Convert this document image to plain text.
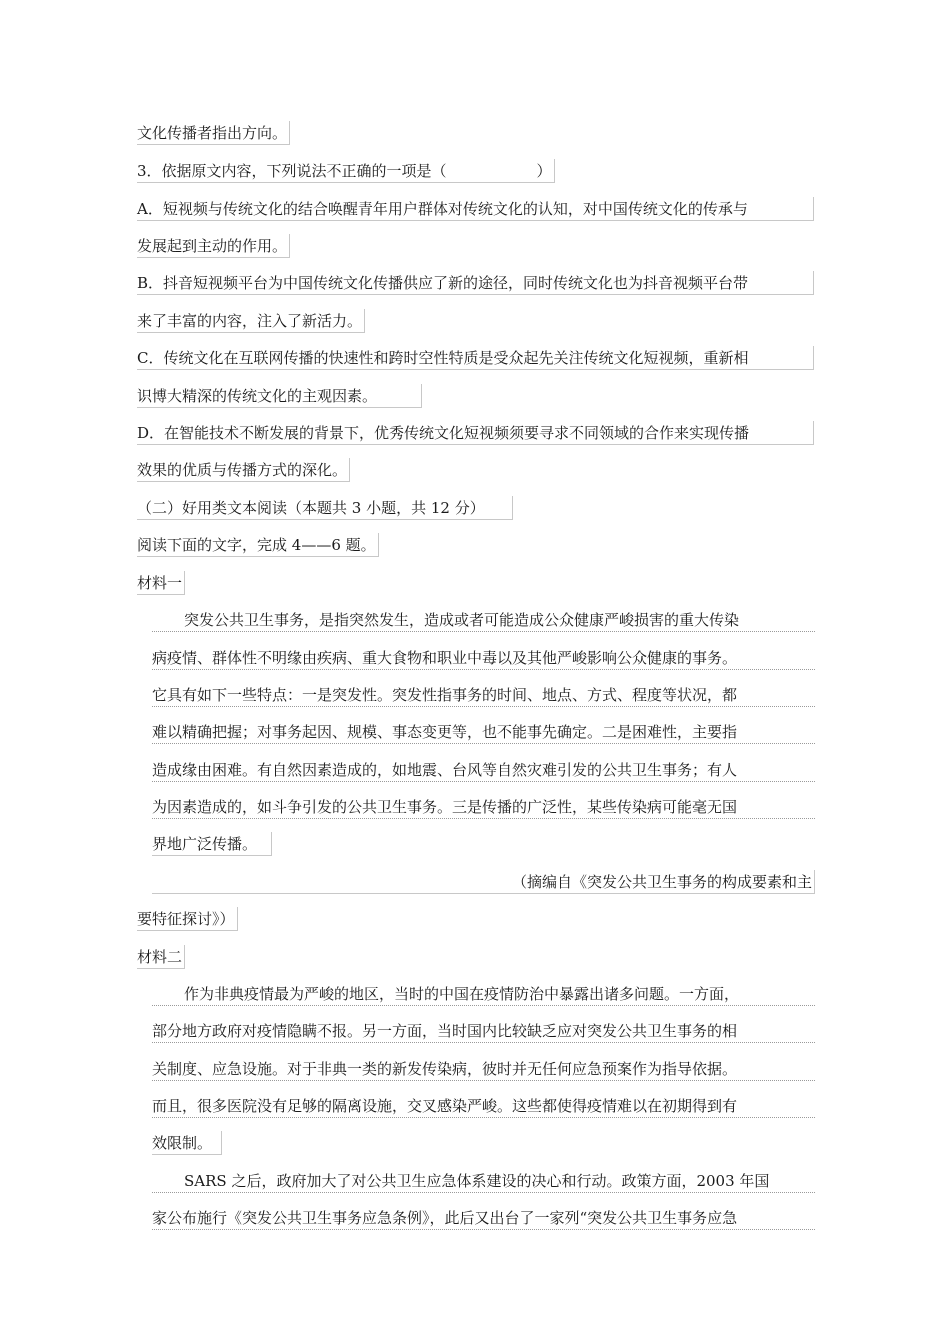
文化传播者指出方向。
3．依据原文内容，下列说法不正确的一项是（　　　　　　）
A．短视频与传统文化的结合唤醒青年用户群体对传统文化的认知，对中国传统文化的传承与
发展起到主动的作用。
B．抖音短视频平台为中国传统文化传播供应了新的途径，同时传统文化也为抖音视频平台带
来了丰富的内容，注入了新活力。
C．传统文化在互联网传播的快速性和跨时空性特质是受众起先关注传统文化短视频，重新相
识博大精深的传统文化的主观因素。
D．在智能技术不断发展的背景下，优秀传统文化短视频须要寻求不同领域的合作来实现传播
效果的优质与传播方式的深化。
（二）好用类文本阅读（本题共 3 小题，共 12 分）
阅读下面的文字，完成 4——6 题。
材料一
突发公共卫生事务，是指突然发生，造成或者可能造成公众健康严峻损害的重大传染
病疫情、群体性不明缘由疾病、重大食物和职业中毒以及其他严峻影响公众健康的事务。
它具有如下一些特点：一是突发性。突发性指事务的时间、地点、方式、程度等状况，都
难以精确把握；对事务起因、规模、事态变更等，也不能事先确定。二是困难性，主要指
造成缘由困难。有自然因素造成的，如地震、台风等自然灾难引发的公共卫生事务；有人
为因素造成的，如斗争引发的公共卫生事务。三是传播的广泛性，某些传染病可能毫无国
界地广泛传播。
（摘编自《突发公共卫生事务的构成要素和主
要特征探讨》）
材料二
作为非典疫情最为严峻的地区，当时的中国在疫情防治中暴露出诸多问题。一方面，
部分地方政府对疫情隐瞒不报。另一方面，当时国内比较缺乏应对突发公共卫生事务的相
关制度、应急设施。对于非典一类的新发传染病，彼时并无任何应急预案作为指导依据。
而且，很多医院没有足够的隔离设施，交叉感染严峻。这些都使得疫情难以在初期得到有
效限制。
SARS 之后，政府加大了对公共卫生应急体系建设的决心和行动。政策方面，2003 年国
家公布施行《突发公共卫生事务应急条例》，此后又出台了一家列“突发公共卫生事务应急
